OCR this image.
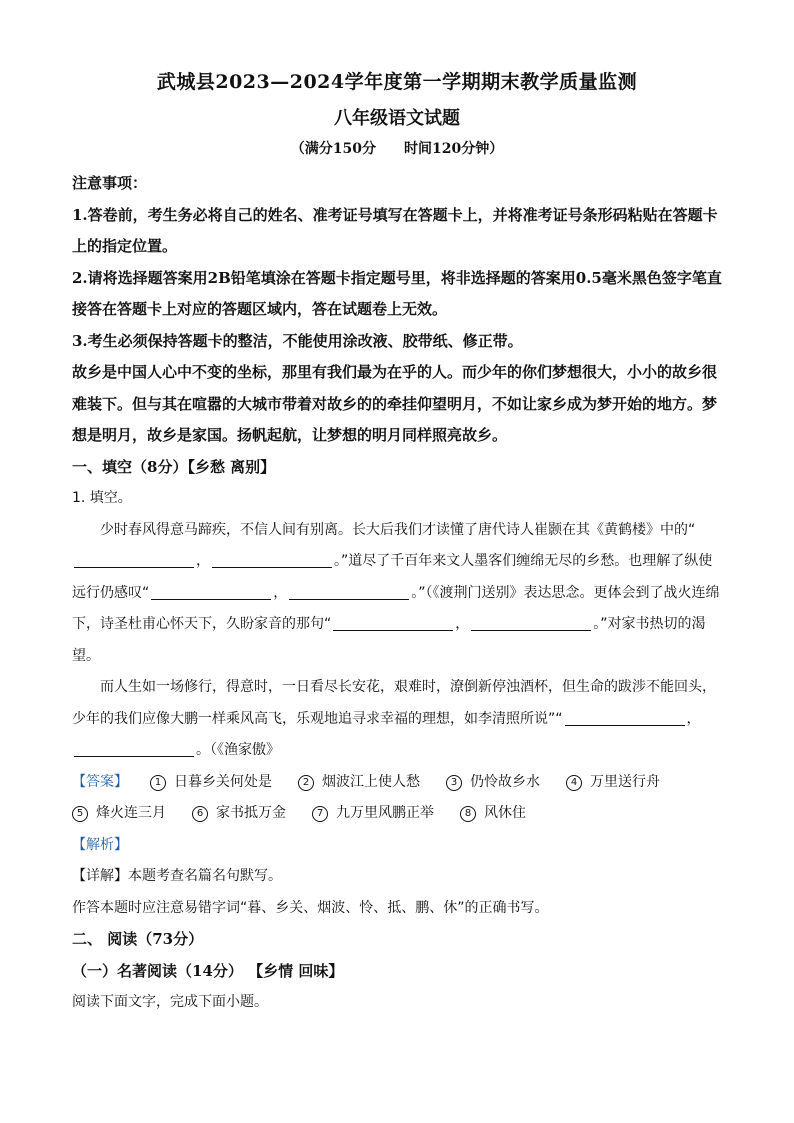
武城县2023—2024学年度第一学期期末教学质量监测
八年级语文试题
（满分150分 时间120分钟）
注意事项：
1.答卷前，考生务必将自己的姓名、准考证号填写在答题卡上，并将准考证号条形码粘贴在答题卡上的指定位置。
2.请将选择题答案用2B铅笔填涂在答题卡指定题号里，将非选择题的答案用0.5毫米黑色签字笔直接答在答题卡上对应的答题区域内，答在试题卷上无效。
3.考生必须保持答题卡的整洁，不能使用涂改液、胶带纸、修正带。
故乡是中国人心中不变的坐标，那里有我们最为在乎的人。而少年的你们梦想很大，小小的故乡很难装下。但与其在喧嚣的大城市带着对故乡的的牵挂仰望明月，不如让家乡成为梦开始的地方。梦想是明月，故乡是家国。扬帆起航，让梦想的明月同样照亮故乡。
一、填空（8分）【乡愁 离别】
1. 填空。
少时春风得意马蹄疾，不信人间有别离。长大后我们才读懂了唐代诗人崔颢在其《黄鹤楼》中的“，	。”道尽了千百年来文人墨客们缠绵无尽的乡愁。也理解了纵使远行仍感叹“	，	。”（《渡荆门送别》表达思念。更体会到了战火连绵下，诗圣杜甫心怀天下，久盼家音的那句“	，	。”对家书热切的渴望。
而人生如一场修行，得意时，一日看尽长安花，艰难时，潦倒新停浊酒杯，但生命的跋涉不能回头，少年的我们应像大鹏一样乘风高飞，乐观地追寻求幸福的理想，如李清照所说”“	，。（《渔家傲》
【答案】	1 日暮乡关何处是	2 烟波江上使人愁	3 仍怜故乡水	4 万里送行舟
5 烽火连三月	6 家书抵万金	7 九万里风鹏正举	8 风休住
【解析】
【详解】本题考查名篇名句默写。
作答本题时应注意易错字词“暮、乡关、烟波、怜、抵、鹏、休”的正确书写。
二、 阅读（73分）
（一）名著阅读（14分） 【乡情 回味】
阅读下面文字，完成下面小题。
